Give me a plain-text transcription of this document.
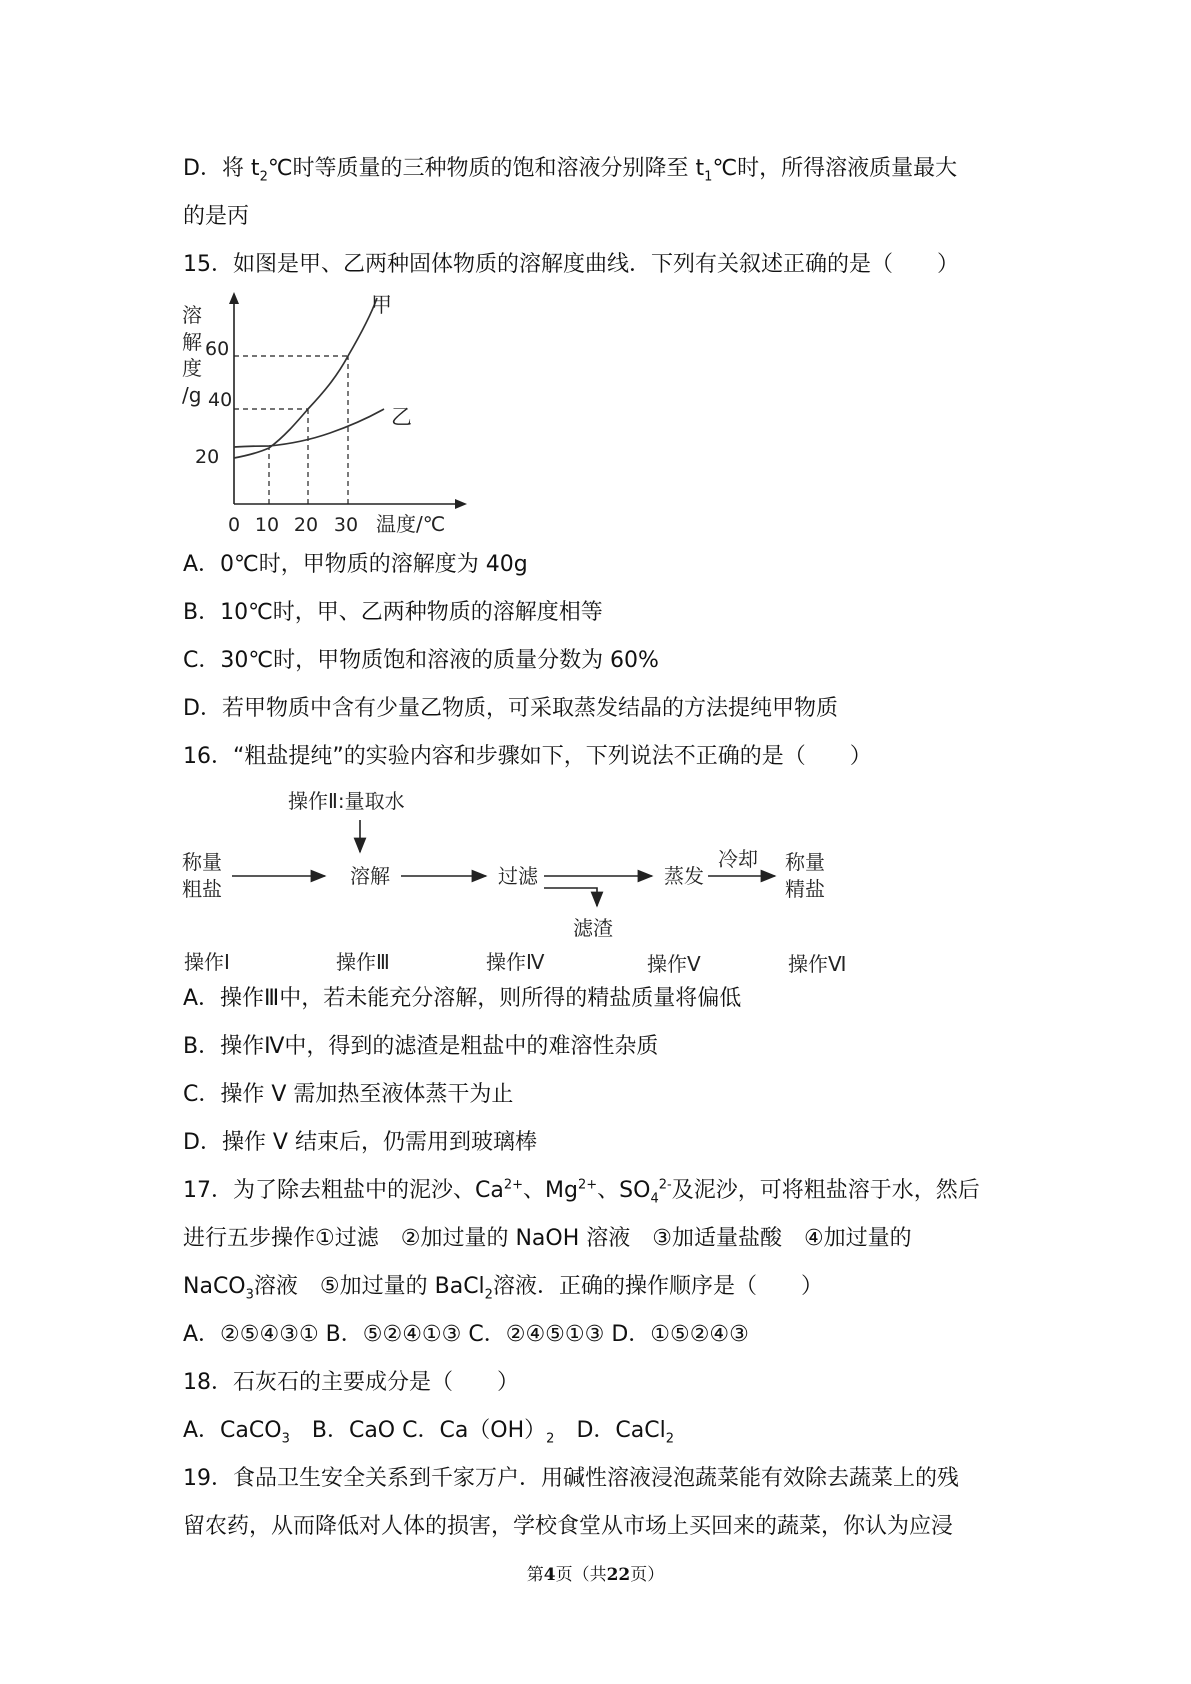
D．将 $t_2℃$时等质量的三种物质的饱和溶液分别降至 $t_1℃$时，所得溶液质量最大
的是丙
15．如图是甲、乙两种固体物质的溶解度曲线．下列有关叙述正确的是（　　）
溶
解
度
/g
60
40
20
0 10 20 30 温度/℃
甲
乙
A．0℃时，甲物质的溶解度为 40g
B．10℃时，甲、乙两种物质的溶解度相等
C．30℃时，甲物质饱和溶液的质量分数为 60%
D．若甲物质中含有少量乙物质，可采取蒸发结晶的方法提纯甲物质
16．“粗盐提纯”的实验内容和步骤如下，下列说法不正确的是（　　）
操作Ⅱ:量取水
称量
粗盐
溶解	过滤	蒸发
冷却 称量
精盐
滤渣
操作Ⅰ	操作Ⅲ	操作Ⅳ	操作Ⅴ	操作Ⅵ
A．操作Ⅲ中，若未能充分溶解，则所得的精盐质量将偏低
B．操作Ⅳ中，得到的滤渣是粗盐中的难溶性杂质
C．操作 V 需加热至液体蒸干为止
D．操作 V 结束后，仍需用到玻璃棒
17．为了除去粗盐中的泥沙、$Ca^{2+}$、$Mg^{2+}$、$SO_4^{2-}$及泥沙，可将粗盐溶于水，然后
进行五步操作①过滤　②加过量的 NaOH 溶液　③加适量盐酸　④加过量的
NaCO$_3$溶液　⑤加过量的 BaCl$_2$溶液．正确的操作顺序是（　　）
A．②⑤④③① B．⑤②④①③ C．②④⑤①③ D．①⑤②④③
18．石灰石的主要成分是（　　）
A．CaCO$_3$　B．CaO C．$Ca(OH)_2$　D．CaCl$_2$
19．食品卫生安全关系到千家万户．用碱性溶液浸泡蔬菜能有效除去蔬菜上的残
留农药，从而降低对人体的损害，学校食堂从市场上买回来的蔬菜，你认为应浸
第4页（共22页）
